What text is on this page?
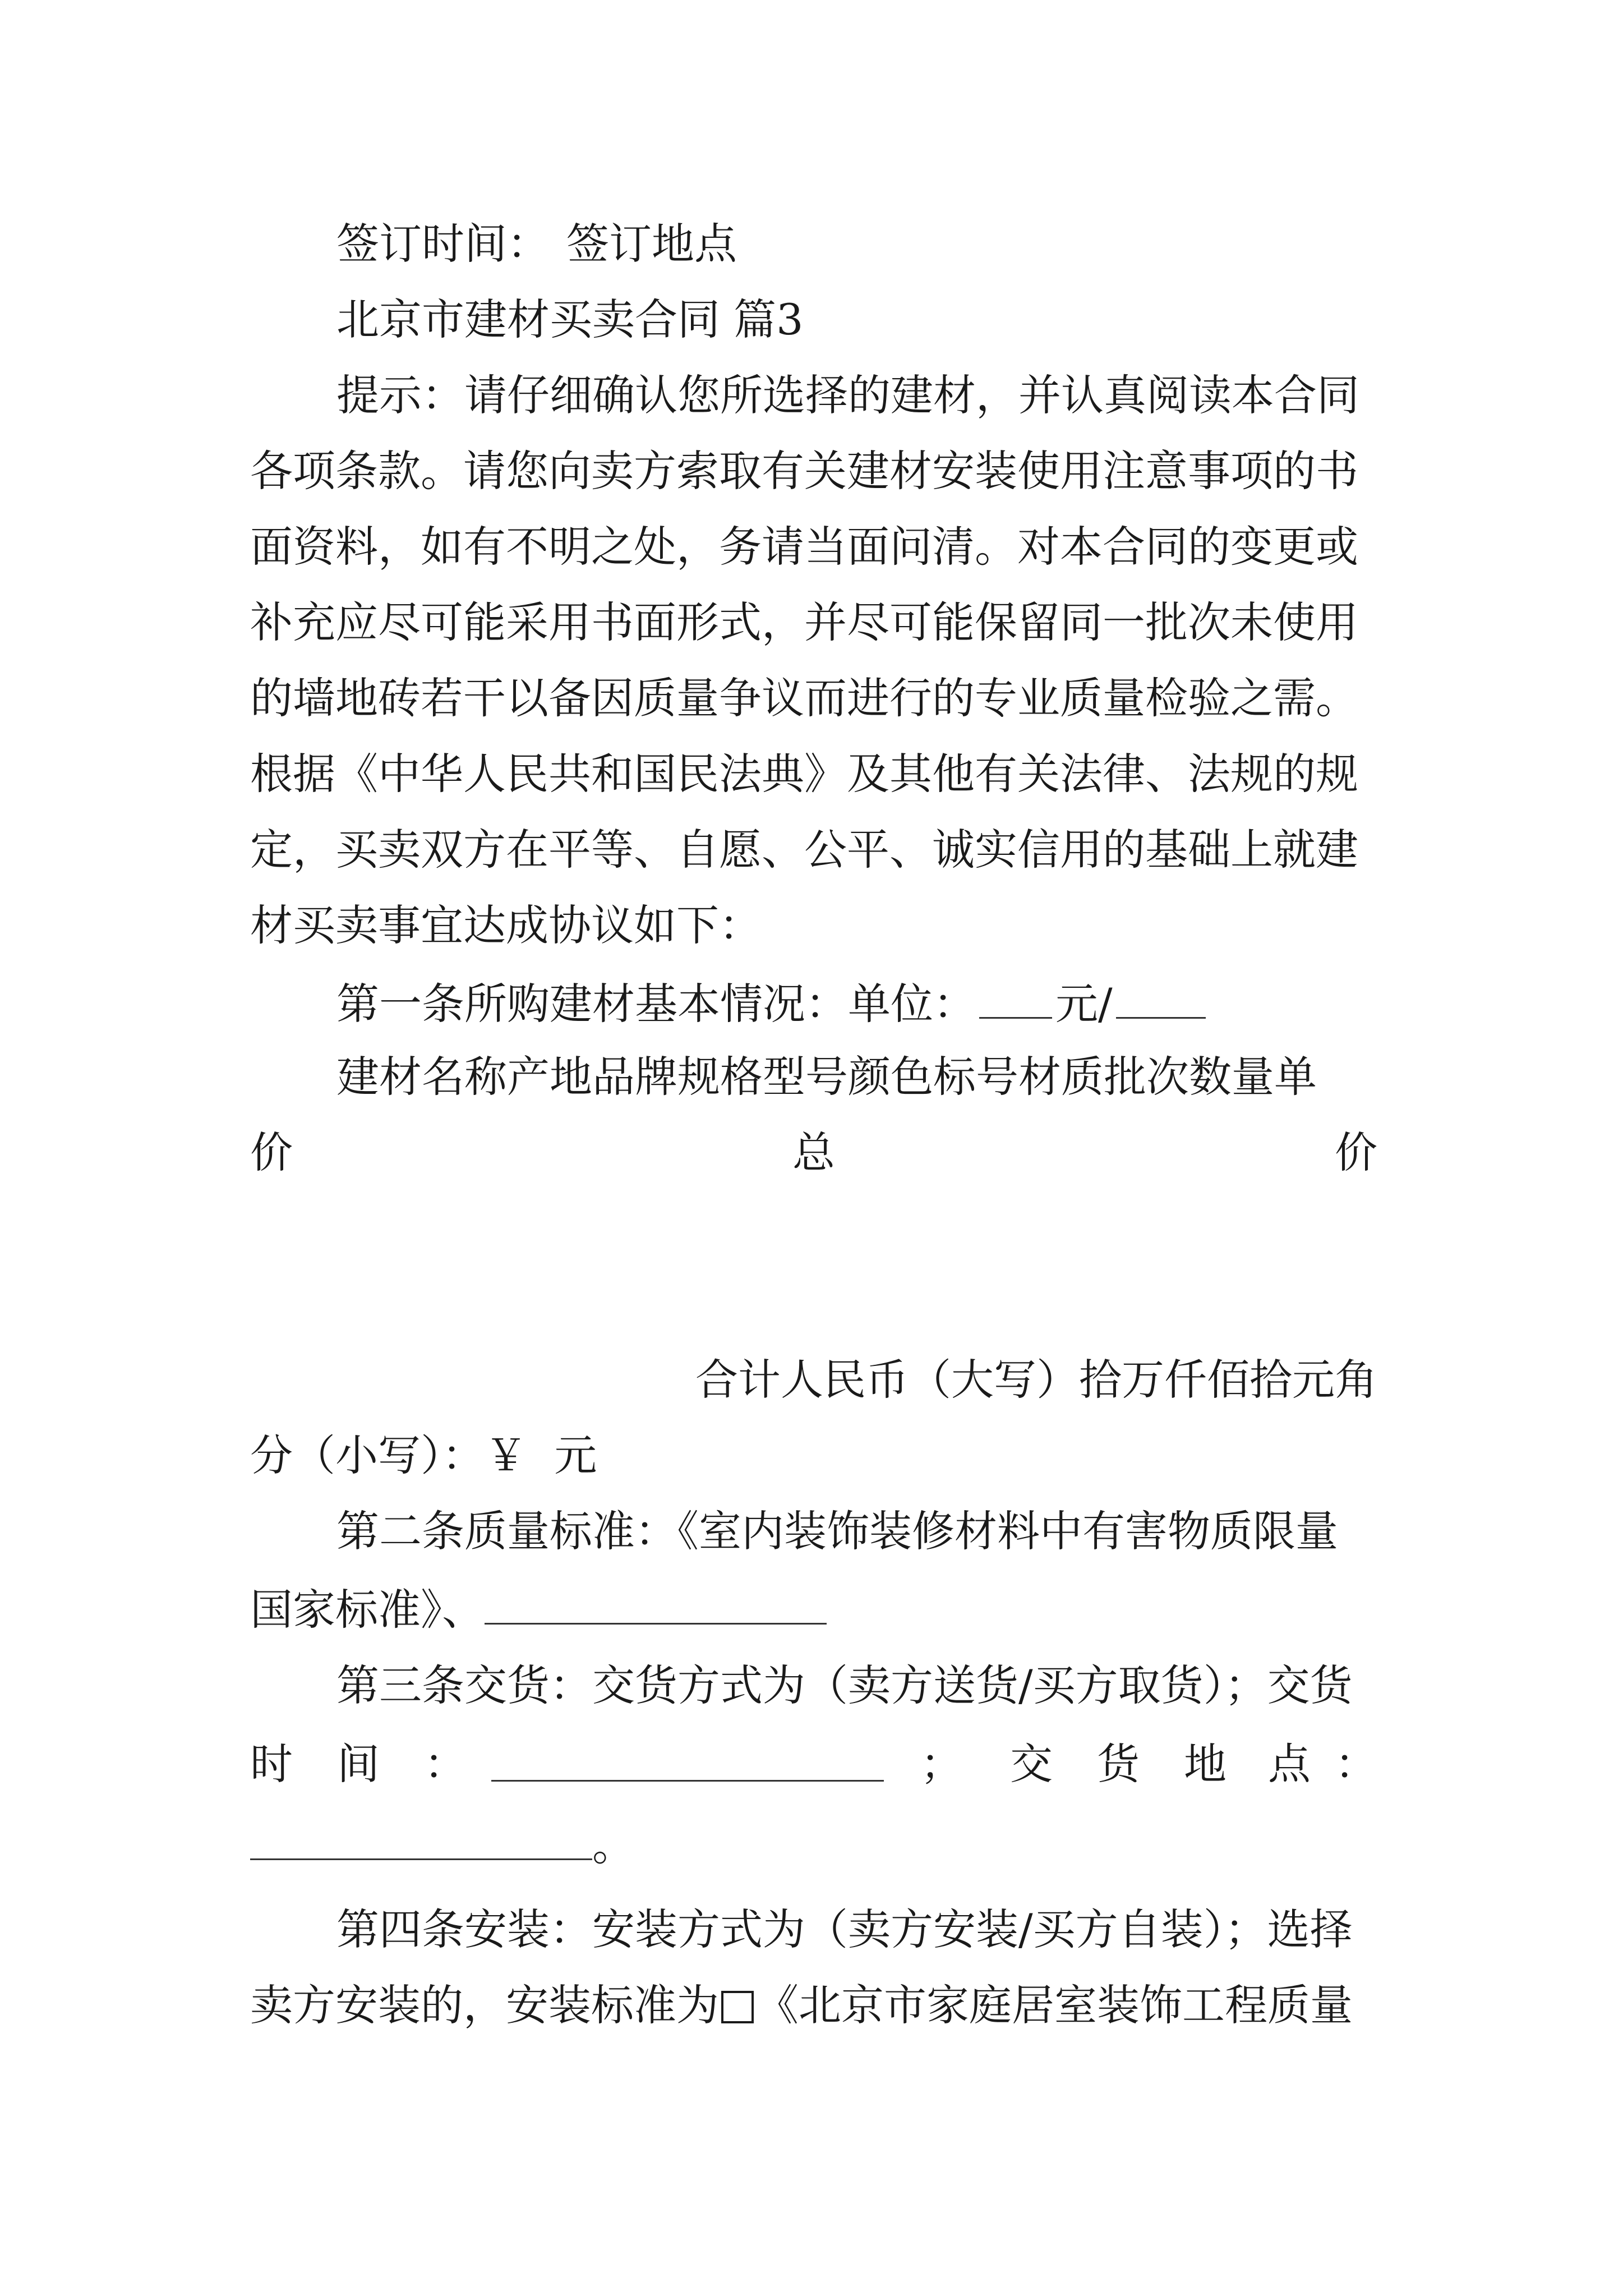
签订时间： 签订地点
北京市建材买卖合同 篇3
提示：请仔细确认您所选择的建材，并认真阅读本合同
各项条款。请您向卖方索取有关建材安装使用注意事项的书
面资料，如有不明之处，务请当面问清。对本合同的变更或
补充应尽可能采用书面形式，并尽可能保留同一批次未使用
的墙地砖若干以备因质量争议而进行的专业质量检验之需。
根据《中华人民共和国民法典》及其他有关法律、法规的规
定，买卖双方在平等、自愿、公平、诚实信用的基础上就建
材买卖事宜达成协议如下：
第一条所购建材基本情况：单位： 元/
建材名称产地品牌规格型号颜色标号材质批次数量单
价	总	价
合计人民币（大写）拾万仟佰拾元角
分（小写）：￥  元
第二条质量标准：《室内装饰装修材料中有害物质限量
国家标准》、
第三条交货：交货方式为（卖方送货/买方取货）；交货
时 间 ：	； 交 货 地 点 ：
。
第四条安装：安装方式为（卖方安装/买方自装）；选择
卖方安装的，安装标准为 《北京市家庭居室装饰工程质量
